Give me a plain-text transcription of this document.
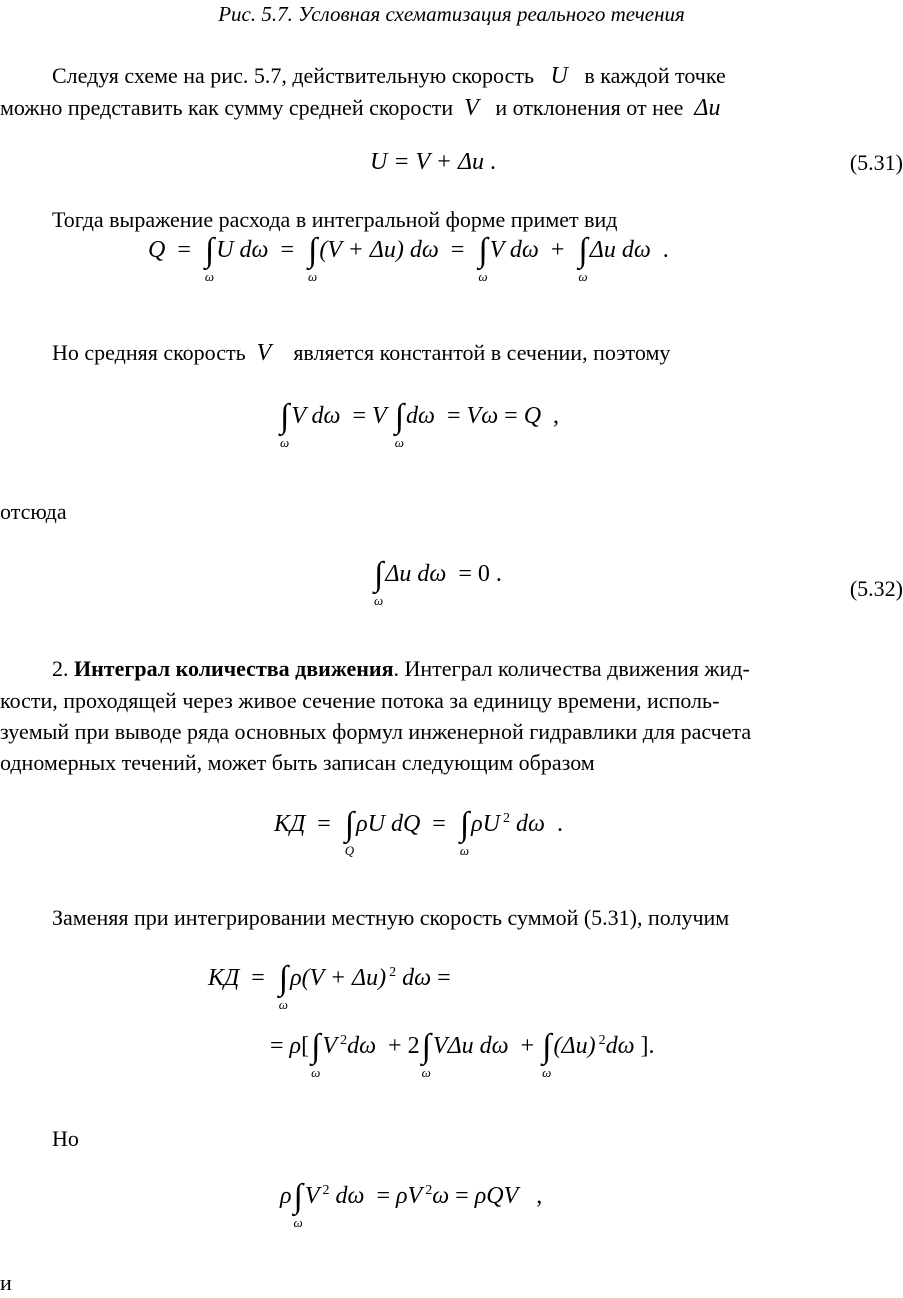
Рис. 5.7. Условная схематизация реального течения
Следуя схеме на рис. 5.7, действительную скорость U в каждой точке
можно представить как сумму средней скорости V и отклонения от нее Δu
U = V + Δu .	(5.31)
Тогда выражение расхода в интегральной форме примет вид
Q  =  ∫
ω
U dω  =  ∫
ω
(V + Δu) dω  =  ∫
ω
V dω  +  ∫
ω
Δu dω  .
Но средняя скорость V является константой в сечении, поэтому
∫
ω
V dω  = V ∫
ω
dω  = Vω = Q  ,
отсюда
∫
ω
Δu dω  = 0 .
(5.32)
2. Интеграл количества движения. Интеграл количества движения жид-
кости, проходящей через живое сечение потока за единицу времени, исполь-
зуемый при выводе ряда основных формул инженерной гидравлики для расчета
одномерных течений, может быть записан следующим образом
КД  =  ∫
Q
ρU dQ  =  ∫
ω
ρU $^2$ dω  .
Заменяя при интегрировании местную скорость суммой (5.31), получим
КД  =  ∫
ω
ρ(V + Δu) $^2$ dω =
= ρ[∫
ω
V $^2$dω  + 2∫
ω
VΔu dω  + ∫
ω
(Δu) $^2$dω ].
Но
ρ∫
ω
V $^2$ dω  = ρV $^2$ω = ρQV   ,
и
